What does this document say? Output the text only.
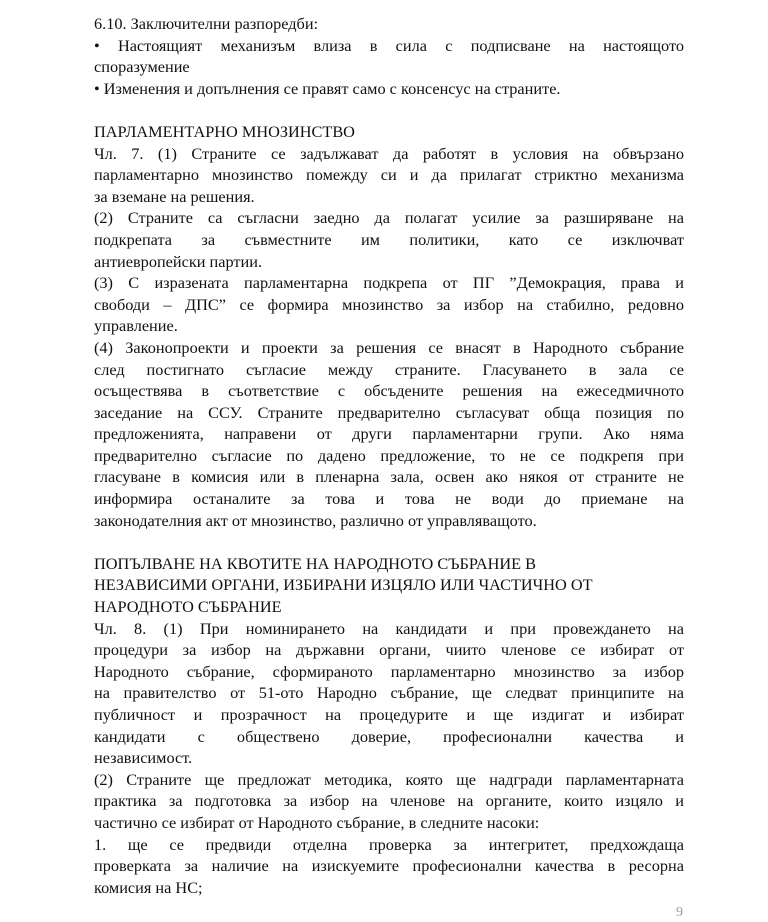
6.10. Заключителни разпоредби:
• Настоящият механизъм влиза в сила с подписване на настоящото
споразумение
• Изменения и допълнения се правят само с консенсус на страните.
ПАРЛАМЕНТАРНО МНОЗИНСТВО
Чл. 7. (1) Страните се задължават да работят в условия на обвързано
парламентарно мнозинство помежду си и да прилагат стриктно механизма
за вземане на решения.
(2) Страните са съгласни заедно да полагат усилие за разширяване на
подкрепата за съвместните им политики, като се изключват
антиевропейски партии.
(3) С изразената парламентарна подкрепа от ПГ ”Демокрация, права и
свободи – ДПС” се формира мнозинство за избор на стабилно, редовно
управление.
(4) Законопроекти и проекти за решения се внасят в Народното събрание
след постигнато съгласие между страните. Гласуването в зала се
осъществява в съответствие с обсъдените решения на ежеседмичното
заседание на ССУ. Страните предварително съгласуват обща позиция по
предложенията, направени от други парламентарни групи. Ако няма
предварително съгласие по дадено предложение, то не се подкрепя при
гласуване в комисия или в пленарна зала, освен ако някоя от страните не
информира останалите за това и това не води до приемане на
законодателния акт от мнозинство, различно от управляващото.
ПОПЪЛВАНЕ НА КВОТИТЕ НА НАРОДНОТО СЪБРАНИЕ В
НЕЗАВИСИМИ ОРГАНИ, ИЗБИРАНИ ИЗЦЯЛО ИЛИ ЧАСТИЧНО ОТ
НАРОДНОТО СЪБРАНИЕ
Чл. 8. (1) При номинирането на кандидати и при провеждането на
процедури за избор на държавни органи, чиито членове се избират от
Народното събрание, сформираното парламентарно мнозинство за избор
на правителство от 51-ото Народно събрание, ще следват принципите на
публичност и прозрачност на процедурите и ще издигат и избират
кандидати с обществено доверие, професионални качества и
независимост.
(2) Страните ще предложат методика, която ще надгради парламентарната
практика за подготовка за избор на членове на органите, които изцяло и
частично се избират от Народното събрание, в следните насоки:
1. ще се предвиди отделна проверка за интегритет, предхождаща
проверката за наличие на изискуемите професионални качества в ресорна
комисия на НС;
9
